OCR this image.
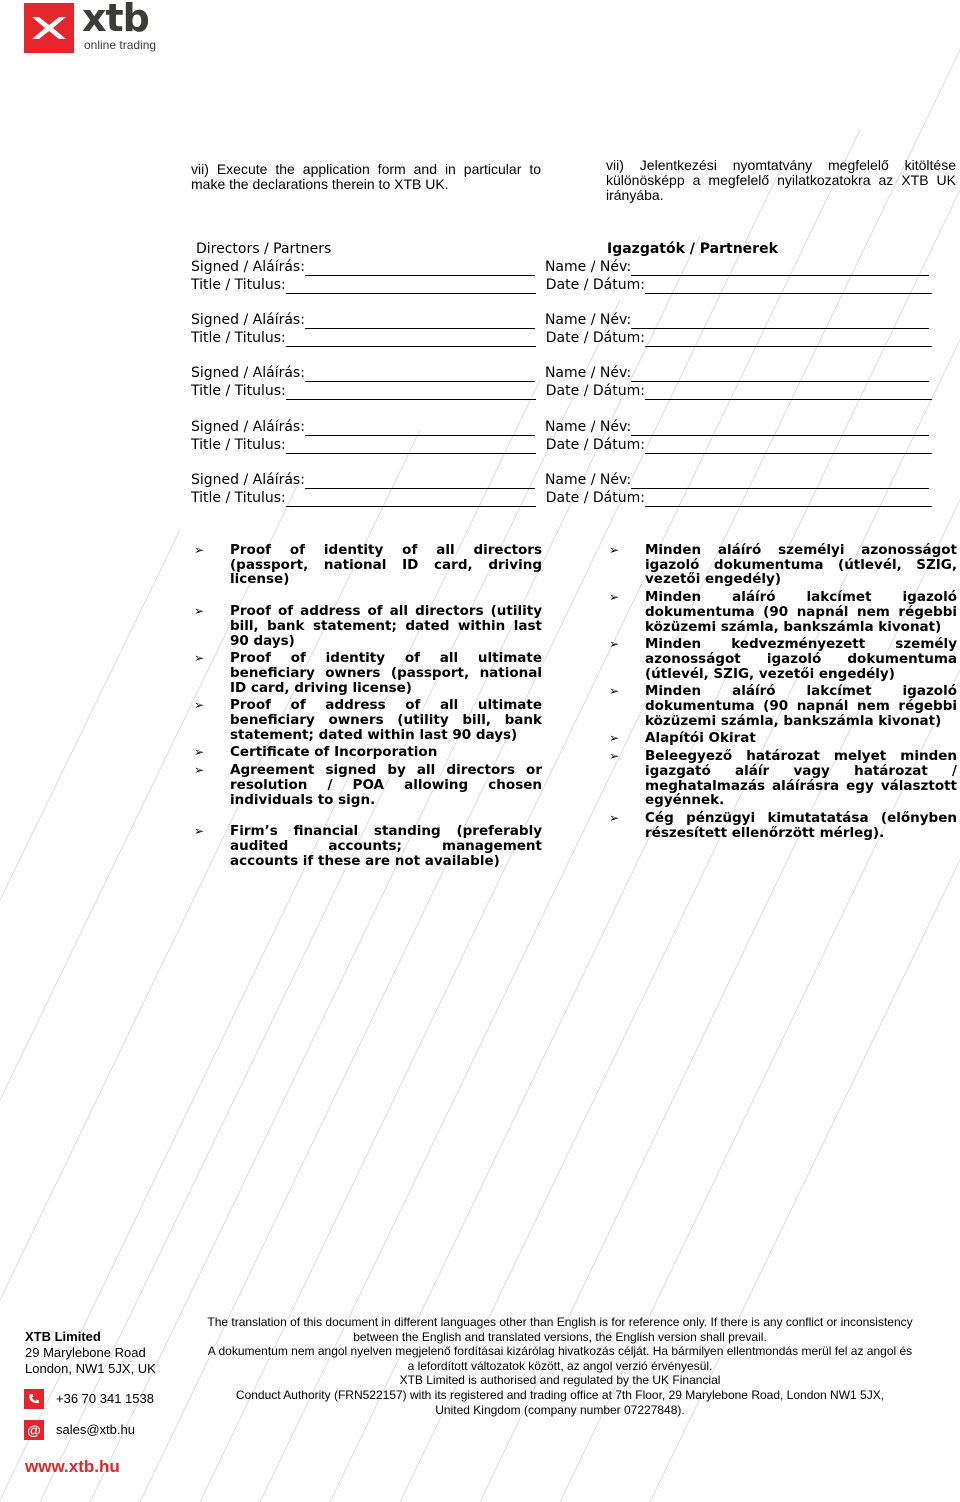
xtb
online trading
vii) Execute the application form and in particular to make the declarations therein to XTB UK.
vii) Jelentkezési nyomtatvány megfelelő kitöltése különösképp a megfelelő nyilatkozatokra az XTB UK irányába.
Directors / Partners	Igazgatók / Partnerek
Signed / Aláírás:	Name / Név:
Title / Titulus:	Date / Dátum:
Signed / Aláírás:	Name / Név:
Title / Titulus:	Date / Dátum:
Signed / Aláírás:	Name / Név:
Title / Titulus:	Date / Dátum:
Signed / Aláírás:	Name / Név:
Title / Titulus:	Date / Dátum:
Signed / Aláírás:	Name / Név:
Title / Titulus:	Date / Dátum:
➢ Proof of identity of all directors (passport, national ID card, driving license)
➢ Proof of address of all directors (utility bill, bank statement; dated within last 90 days)
➢ Proof of identity of all ultimate beneficiary owners (passport, national ID card, driving license)
➢ Proof of address of all ultimate beneficiary owners (utility bill, bank statement; dated within last 90 days)
➢ Certificate of Incorporation
➢ Agreement signed by all directors or resolution / POA allowing chosen individuals to sign.
➢ Firm’s financial standing (preferably audited accounts; management accounts if these are not available)
➢ Minden aláíró személyi azonosságot igazoló dokumentuma (útlevél, SZIG, vezetői engedély)
➢ Minden aláíró lakcímet igazoló dokumentuma (90 napnál nem régebbi közüzemi számla, bankszámla kivonat)
➢ Minden kedvezményezett személy azonosságot igazoló dokumentuma (útlevél, SZIG, vezetői engedély)
➢ Minden aláíró lakcímet igazoló dokumentuma (90 napnál nem régebbi közüzemi számla, bankszámla kivonat)
➢ Alapítói Okirat
➢ Beleegyező határozat melyet minden igazgató aláír vagy határozat / meghatalmazás aláírásra egy választott egyénnek.
➢ Cég pénzügyi kimutatatása (előnyben részesített ellenőrzött mérleg).
XTB Limited
29 Marylebone Road
London, NW1 5JX, UK
+36 70 341 1538
@ sales@xtb.hu
www.xtb.hu
The translation of this document in different languages other than English is for reference only. If there is any conflict or inconsistency
between the English and translated versions, the English version shall prevail.
A dokumentum nem angol nyelven megjelenő fordításai kizárólag hivatkozás célját. Ha bármilyen ellentmondás merül fel az angol és
a lefordított változatok között, az angol verzió érvényesül.
XTB Limited is authorised and regulated by the UK Financial
Conduct Authority (FRN522157) with its registered and trading office at 7th Floor, 29 Marylebone Road, London NW1 5JX,
United Kingdom (company number 07227848).
